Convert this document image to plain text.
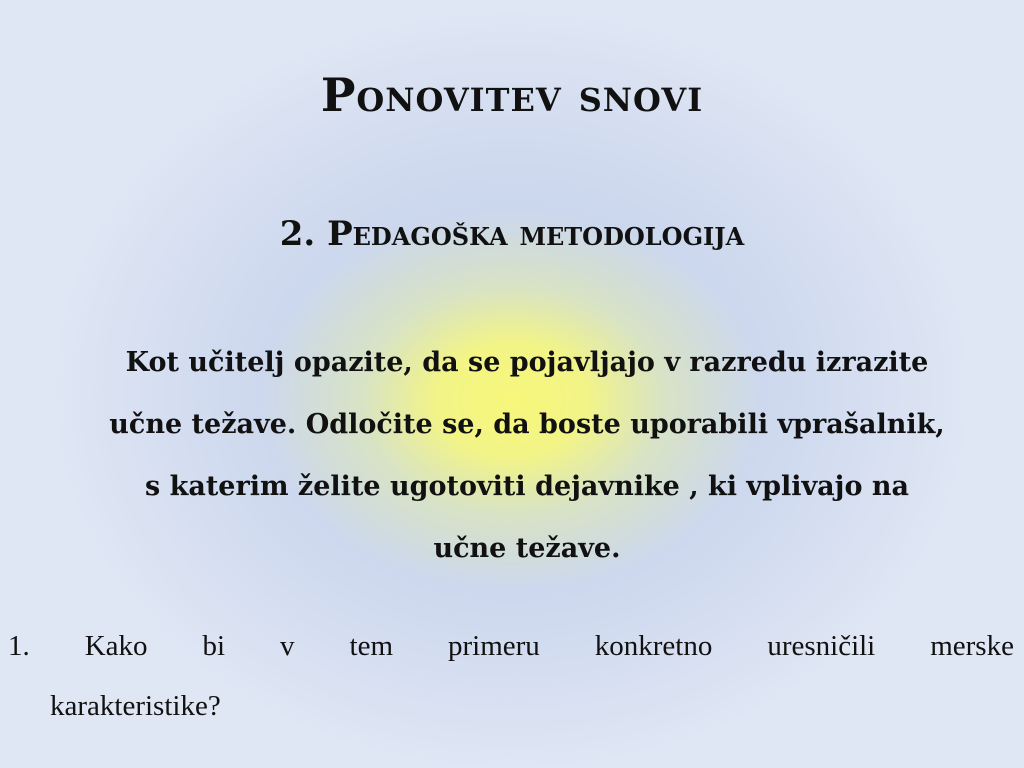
Ponovitev snovi
2. Pedagoška metodologija
Kot učitelj opazite, da se pojavljajo v razredu izrazite
učne težave. Odločite se, da boste uporabili vprašalnik,
s katerim želite ugotoviti dejavnike , ki vplivajo na
učne težave.
1. Kako bi v tem primeru konkretno uresničili merske
karakteristike?
